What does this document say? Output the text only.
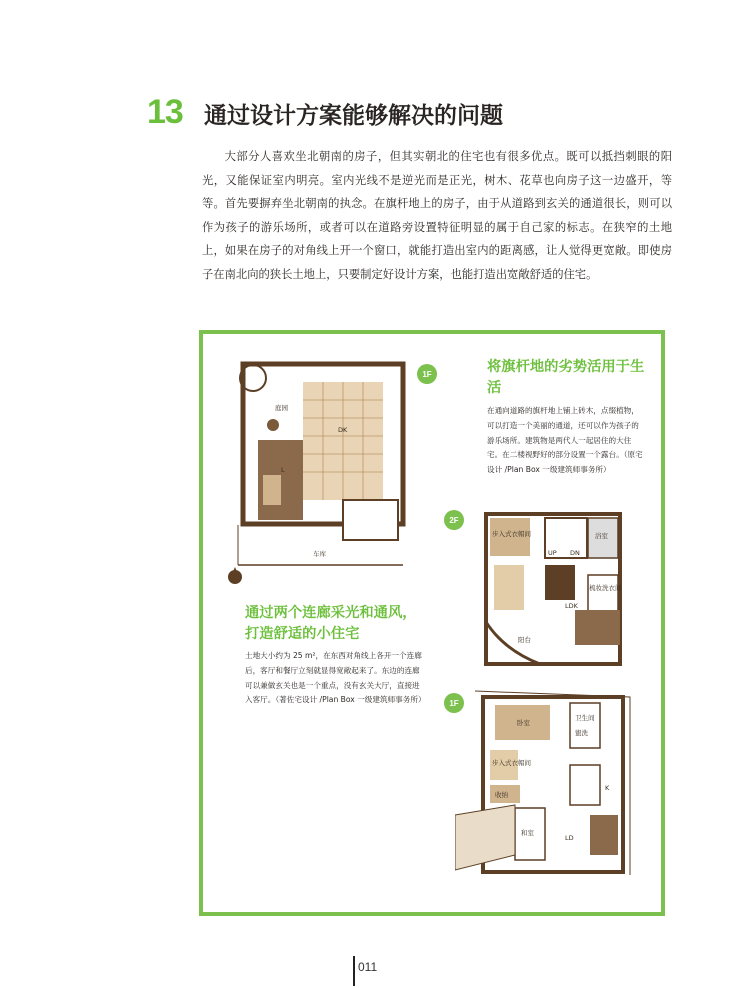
13 通过设计方案能够解决的问题

大部分人喜欢坐北朝南的房子，但其实朝北的住宅也有很多优点。既可以抵挡刺眼的阳光，又能保证室内明亮。室内光线不是逆光而是正光，树木、花草也向房子这一边盛开，等等。首先要摒弃坐北朝南的执念。在旗杆地上的房子，由于从道路到玄关的通道很长，则可以作为孩子的游乐场所，或者可以在道路旁设置特征明显的属于自己家的标志。在狭窄的土地上，如果在房子的对角线上开一个窗口，就能打造出室内的距离感，让人觉得更宽敞。即使房子在南北向的狭长土地上，只要制定好设计方案，也能打造出宽敞舒适的住宅。

庭园
DK
L
车库
1F	将旗杆地的劣势活用于生活
在通向道路的旗杆地上铺上砖木，点缀植物，可以打造一个美丽的通道，还可以作为孩子的游乐场所。建筑物是两代人一起居住的大住宅。在二楼视野好的部分设置一个露台。（原宅设计 /Plan Box 一级建筑师事务所）
2F
步入式衣帽间
UP DN
浴室
梳妆洗衣间
LDK
阳台
通过两个连廊采光和通风，打造舒适的小住宅
土地大小约为 25 m²，在东西对角线上各开一个连廊后，客厅和餐厅立刻就显得宽敞起来了。东边的连廊可以兼做玄关也是一个重点，没有玄关大厅，直接进入客厅。（著佐宅设计 /Plan Box 一级建筑师事务所）	1F
卧室
步入式衣帽间
收纳
卫生间
盥洗
和室
LD
K
011
